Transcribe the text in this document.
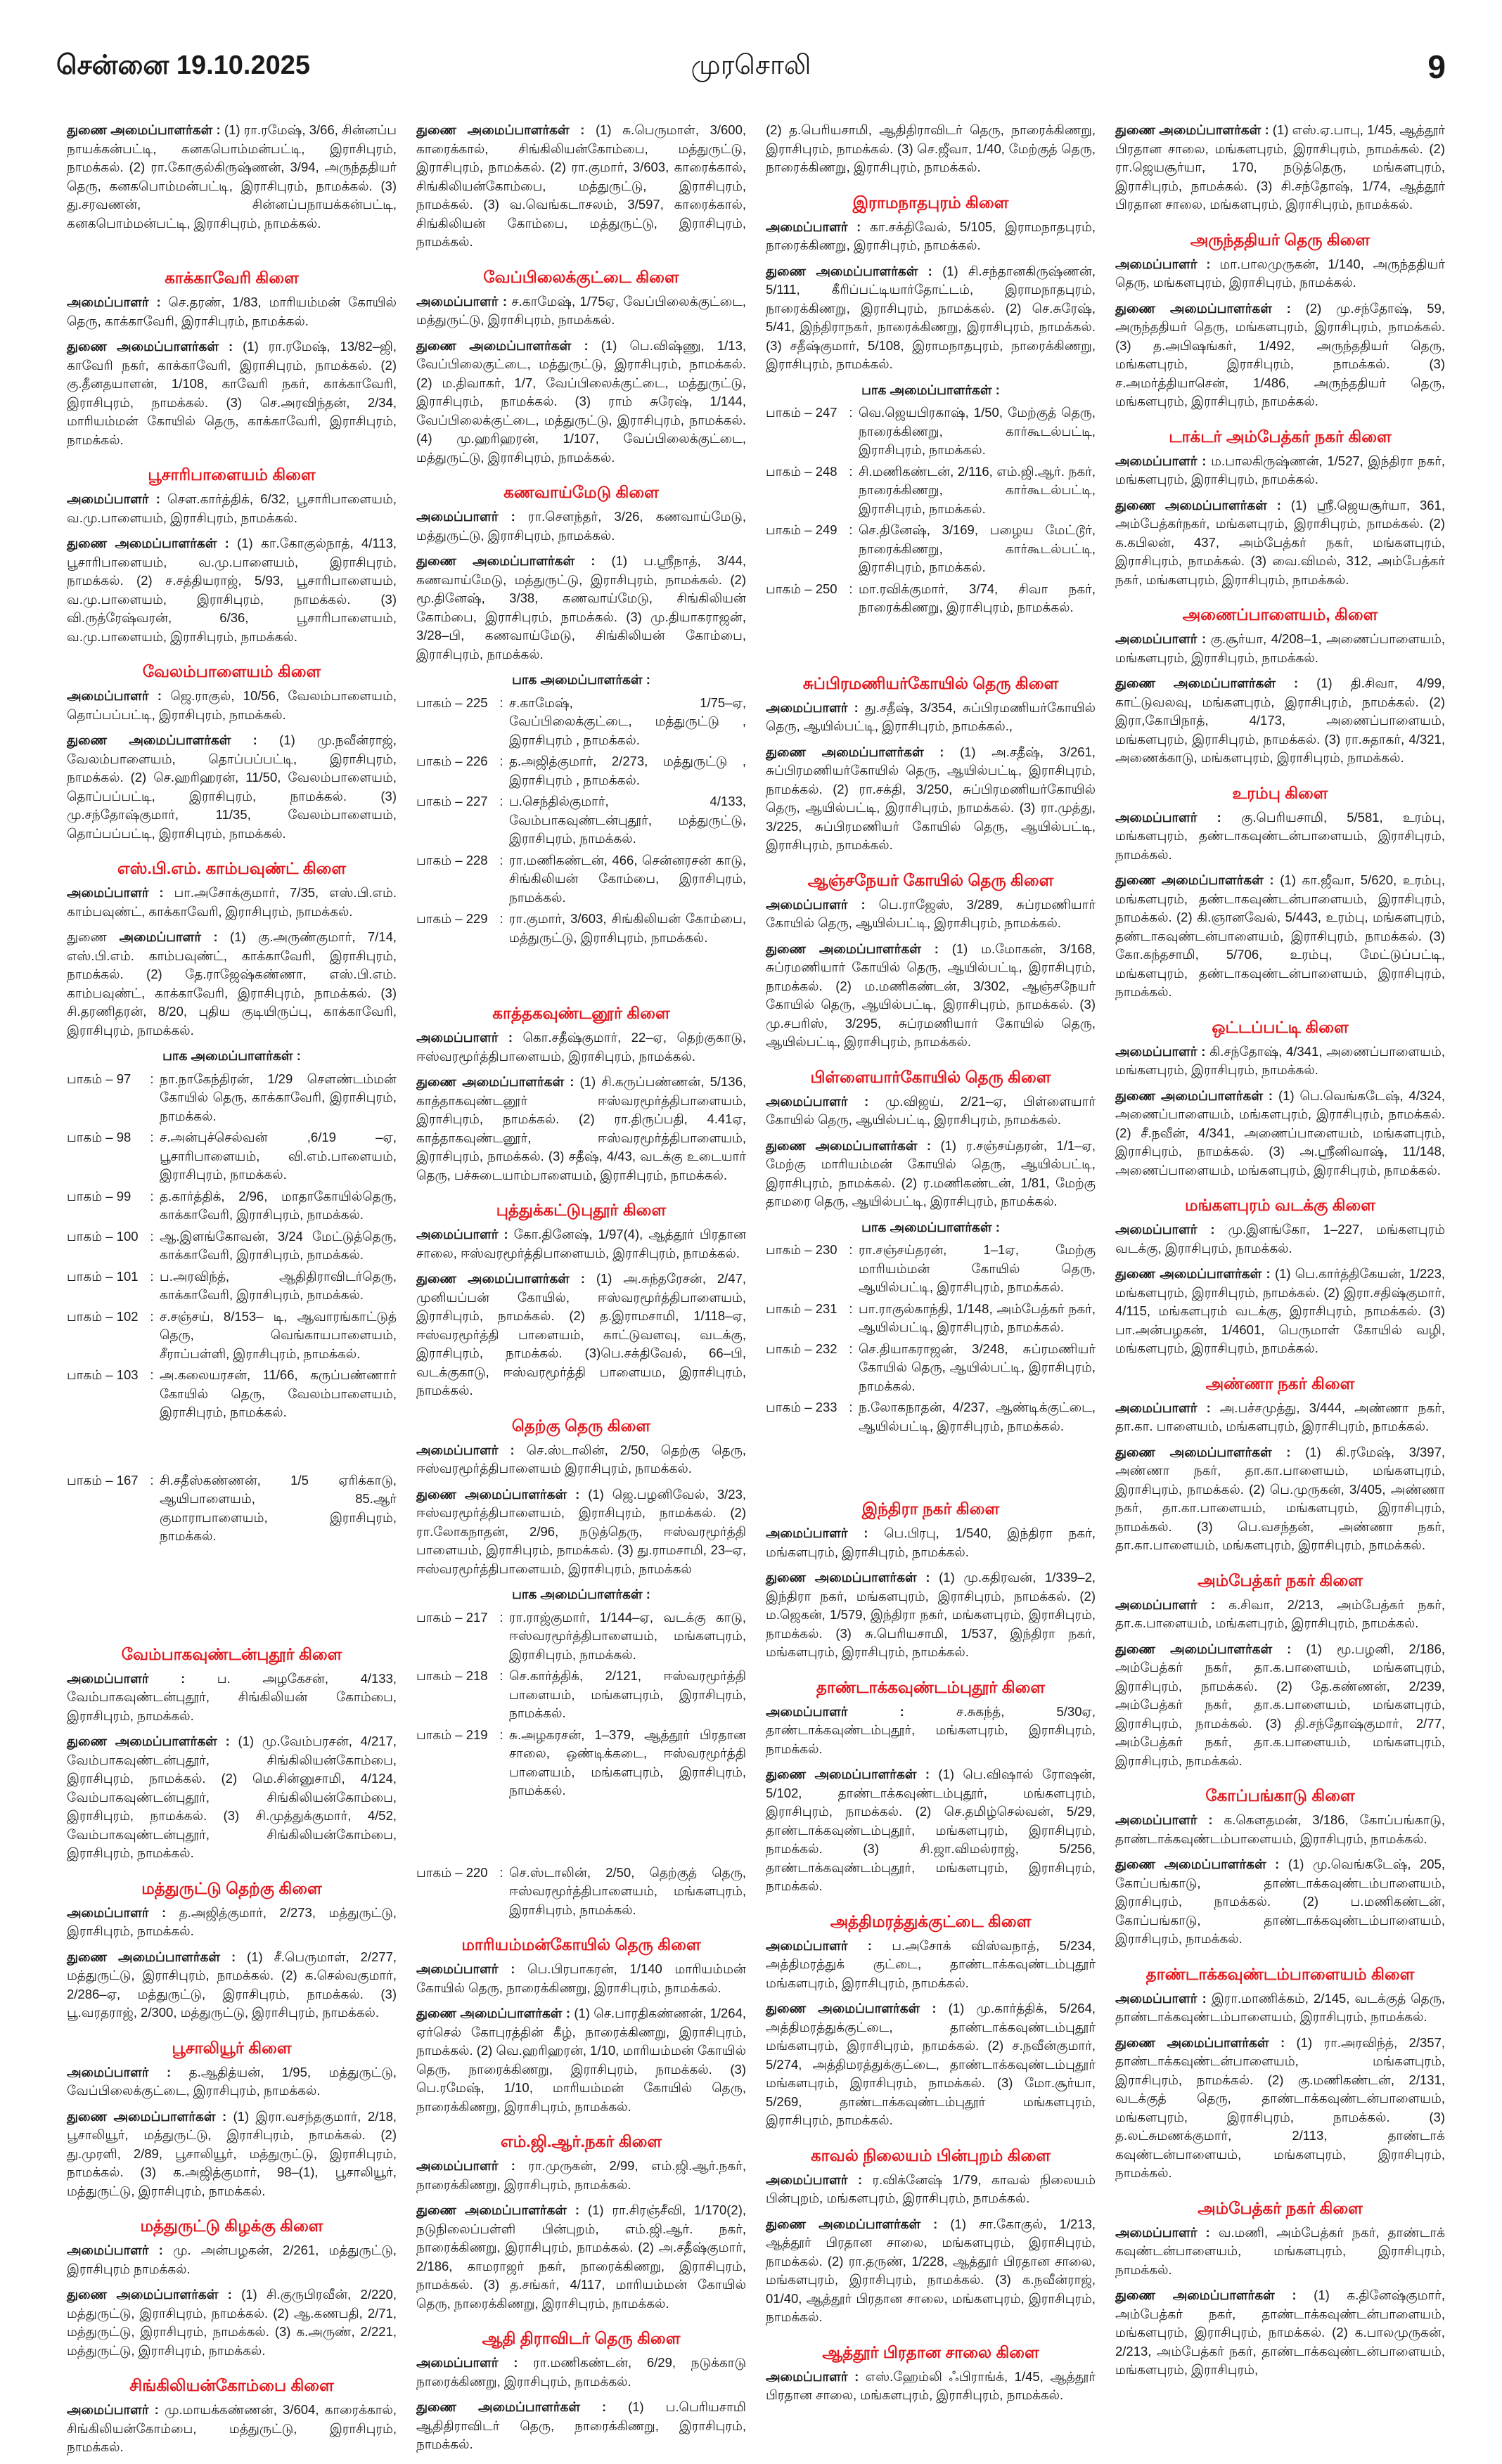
சென்னை 19.10.2025	முரசொலி	9
துணை அமைப்பாளர்கள் : (1) ரா.ரமேஷ், 3/66, சின்னப்ப நாயக்கன்பட்டி, கனகபொம்மன்பட்டி, இராசிபுரம், நாமக்கல். (2) ரா.கோகுல்கிருஷ்ணன், 3/94, அருந்ததியர் தெரு, கனகபொம்மன்பட்டி, இராசிபுரம், நாமக்கல். (3) து.சரவணன், சின்னப்பநாயக்கன்பட்டி, கனகபொம்மன்பட்டி, இராசிபுரம், நாமக்கல்.
காக்காவேரி கிளை
அமைப்பாளர் : செ.தரண், 1/83, மாரியம்மன் கோயில் தெரு, காக்காவேரி, இராசிபுரம், நாமக்கல்.
துணை அமைப்பாளர்கள் : (1) ரா.ரமேஷ், 13/82–ஜி, காவேரி நகர், காக்காவேரி, இராசிபுரம், நாமக்கல். (2) கு.தீனதயாளன், 1/108, காவேரி நகர், காக்காவேரி, இராசிபுரம், நாமக்கல். (3) செ.அரவிந்தன், 2/34, மாரியம்மன் கோயில் தெரு, காக்காவேரி, இராசிபுரம், நாமக்கல்.
பூசாரிபாளையம் கிளை
அமைப்பாளர் : சௌ.கார்த்திக், 6/32, பூசாரிபாளையம், வ.மு.பாளையம், இராசிபுரம், நாமக்கல்.
துணை அமைப்பாளர்கள் : (1) கா.கோகுல்நாத், 4/113, பூசாரிபாளையம், வ.மு.பாளையம், இராசிபுரம், நாமக்கல். (2) ச.சத்தியராஜ், 5/93, பூசாரிபாளையம், வ.மு.பாளையம், இராசிபுரம், நாமக்கல். (3) வி.ருத்ரேஷ்வரன், 6/36, பூசாரிபாளையம், வ.மு.பாளையம், இராசிபுரம், நாமக்கல்.
வேலம்பாளையம் கிளை
அமைப்பாளர் : ஜெ.ராகுல், 10/56, வேலம்பாளையம், தொப்பப்பட்டி, இராசிபுரம், நாமக்கல்.
துணை அமைப்பாளர்கள் : (1) மு.நவீன்ராஜ், வேலம்பாளையம், தொப்பப்பட்டி, இராசிபுரம், நாமக்கல். (2) செ.ஹரிஹரன், 11/50, வேலம்பாளையம், தொப்பப்பட்டி, இராசிபுரம், நாமக்கல். (3) மு.சந்தோஷ்குமார், 11/35, வேலம்பாளையம், தொப்பப்பட்டி, இராசிபுரம், நாமக்கல்.
எஸ்.பி.எம். காம்பவுண்ட் கிளை
அமைப்பாளர் : பா.அசோக்குமார், 7/35, எஸ்.பி.எம். காம்பவுண்ட், காக்காவேரி, இராசிபுரம், நாமக்கல்.
துணை அமைப்பாளர் : (1) கு.அருண்குமார், 7/14, எஸ்.பி.எம். காம்பவுண்ட், காக்காவேரி, இராசிபுரம், நாமக்கல். (2) தே.ராஜேஷ்கண்ணா, எஸ்.பி.எம். காம்பவுண்ட், காக்காவேரி, இராசிபுரம், நாமக்கல். (3) சி.தரணிதரன், 8/20, புதிய குடியிருப்பு, காக்காவேரி, இராசிபுரம், நாமக்கல்.
பாக அமைப்பாளர்கள் :
பாகம் – 97	: நா.நாகேந்திரன், 1/29 சௌண்டம்மன் கோயில் தெரு, காக்காவேரி, இராசிபுரம், நாமக்கல்.
பாகம் – 98	: ச.அன்புச்செல்வன் ,6/19 –ஏ, பூசாரிபாளையம், வி.எம்.பாளையம், இராசிபுரம், நாமக்கல்.
பாகம் – 99	: த.கார்த்திக், 2/96, மாதாகோயில்தெரு, காக்காவேரி, இராசிபுரம், நாமக்கல்.
பாகம் – 100 : ஆ.இளங்கோவன், 3/24 மேட்டுத்தெரு, காக்காவேரி, இராசிபுரம், நாமக்கல்.
பாகம் – 101 : ப.அரவிந்த், ஆதிதிராவிடர்தெரு, காக்காவேரி, இராசிபுரம், நாமக்கல்.
பாகம் – 102 : ச.சஞ்சய், 8/153– டி, ஆவாரங்காட்டுத் தெரு, வெங்காயபாளையம், சீராப்பள்ளி, இராசிபுரம், நாமக்கல்.
பாகம் – 103 : அ.கலையரசன், 11/66, கருப்பண்ணார் கோயில் தெரு, வேலம்பாளையம், இராசிபுரம், நாமக்கல்.
பாகம் – 167 : சி.சதீஸ்கண்ணன், 1/5 ஏரிக்காடு, ஆயிபாளையம், 85.ஆர் குமாராபாளையம், இராசிபுரம், நாமக்கல்.
வேம்பாகவுண்டன்புதூர் கிளை
அமைப்பாளர் : ப. அழகேசன், 4/133, வேம்பாகவுண்டன்புதூர், சிங்கிலியன் கோம்பை, இராசிபுரம், நாமக்கல்.
துணை அமைப்பாளர்கள் : (1) மு.வேம்பரசன், 4/217, வேம்பாகவுண்டன்புதூர், சிங்கிலியன்கோம்பை, இராசிபுரம், நாமக்கல். (2) மெ.சின்னுசாமி, 4/124, வேம்பாகவுண்டன்புதூர், சிங்கிலியன்கோம்பை, இராசிபுரம், நாமக்கல். (3) சி.முத்துக்குமார், 4/52, வேம்பாகவுண்டன்புதூர், சிங்கிலியன்கோம்பை, இராசிபுரம், நாமக்கல்.
மத்துருட்டு தெற்கு கிளை
அமைப்பாளர் : த.அஜித்குமார், 2/273, மத்துருட்டு, இராசிபுரம், நாமக்கல்.
துணை அமைப்பாளர்கள் : (1) சீ.பெருமாள், 2/277, மத்துருட்டு, இராசிபுரம், நாமக்கல். (2) க.செல்வகுமார், 2/286–ஏ, மத்துருட்டு, இராசிபுரம், நாமக்கல். (3) பூ.வரதராஜ், 2/300, மத்துருட்டு, இராசிபுரம், நாமக்கல்.
பூசாலியூர் கிளை
அமைப்பாளர் : த.ஆதித்யன், 1/95, மத்துருட்டு, வேப்பிலைக்குட்டை, இராசிபுரம், நாமக்கல்.
துணை அமைப்பாளர்கள் : (1) இரா.வசந்தகுமார், 2/18, பூசாலியூர், மத்துருட்டு, இராசிபுரம், நாமக்கல். (2) து.முரளி, 2/89, பூசாலியூர், மத்துருட்டு, இராசிபுரம், நாமக்கல். (3) க.அஜித்குமார், 98–(1), பூசாலியூர், மத்துருட்டு, இராசிபுரம், நாமக்கல்.
மத்துருட்டு கிழக்கு கிளை
அமைப்பாளர் : மு. அன்பழகன், 2/261, மத்துருட்டு, இராசிபுரம் நாமக்கல்.
துணை அமைப்பாளர்கள் : (1) சி.குருபிரவீன், 2/220, மத்துருட்டு, இராசிபுரம், நாமக்கல். (2) ஆ.கணபதி, 2/71, மத்துருட்டு, இராசிபுரம், நாமக்கல். (3) க.அருண், 2/221, மத்துருட்டு, இராசிபுரம், நாமக்கல்.
சிங்கிலியன்கோம்பை கிளை
அமைப்பாளர் : மு.மாயக்கண்ணன், 3/604, காரைக்கால், சிங்கிலியன்கோம்பை, மத்துருட்டு, இராசிபுரம், நாமக்கல்.
துணை அமைப்பாளர்கள் : (1) சு.பெருமாள், 3/600, காரைக்கால், சிங்கிலியன்கோம்பை, மத்துருட்டு, இராசிபுரம், நாமக்கல். (2) ரா.குமார், 3/603, காரைக்கால், சிங்கிலியன்கோம்பை, மத்துருட்டு, இராசிபுரம், நாமக்கல். (3) வ.வெங்கடாசலம், 3/597, காரைக்கால், சிங்கிலியன் கோம்பை, மத்துருட்டு, இராசிபுரம், நாமக்கல்.
வேப்பிலைக்குட்டை கிளை
அமைப்பாளர் : ச.காமேஷ், 1/75ஏ, வேப்பிலைக்குட்டை, மத்துருட்டு, இராசிபுரம், நாமக்கல்.
துணை அமைப்பாளர்கள் : (1) பெ.விஷ்ணு, 1/13, வேப்பிலைகுட்டை, மத்துருட்டு, இராசிபுரம், நாமக்கல். (2) ம.திவாகர், 1/7, வேப்பிலைக்குட்டை, மத்துருட்டு, இராசிபுரம், நாமக்கல். (3) ராம் சுரேஷ், 1/144, வேப்பிலைக்குட்டை, மத்துருட்டு, இராசிபுரம், நாமக்கல். (4) மு.ஹரிஹரன், 1/107, வேப்பிலைக்குட்டை, மத்துருட்டு, இராசிபுரம், நாமக்கல்.
கணவாய்மேடு கிளை
அமைப்பாளர் : ரா.சௌந்தர், 3/26, கணவாய்மேடு, மத்துருட்டு, இராசிபுரம், நாமக்கல்.
துணை அமைப்பாளர்கள் : (1) ப.ஸ்ரீநாத், 3/44, கணவாய்மேடு, மத்துருட்டு, இராசிபுரம், நாமக்கல். (2) மூ.தினேஷ், 3/38, கணவாய்மேடு, சிங்கிலியன் கோம்பை, இராசிபுரம், நாமக்கல். (3) மு.தியாகராஜன், 3/28–பி, கணவாய்மேடு, சிங்கிலியன் கோம்பை, இராசிபுரம், நாமக்கல்.
பாக அமைப்பாளர்கள் :
பாகம் – 225 : ச.காமேஷ், 1/75–ஏ, வேப்பிலைக்குட்டை, மத்துருட்டு , இராசிபுரம் , நாமக்கல்.
பாகம் – 226 : த.அஜித்குமார், 2/273, மத்துருட்டு , இராசிபுரம் , நாமக்கல்.
பாகம் – 227 : ப.செந்தில்குமார், 4/133, வேம்பாகவுண்டன்புதூர், மத்துருட்டு, இராசிபுரம், நாமக்கல்.
பாகம் – 228 : ரா.மணிகண்டன், 466, சென்னரசன் காடு, சிங்கிலியன் கோம்பை, இராசிபுரம், நாமக்கல்.
பாகம் – 229 : ரா.குமார், 3/603, சிங்கிலியன் கோம்பை, மத்துருட்டு, இராசிபுரம், நாமக்கல்.
காத்தகவுண்டனூர் கிளை
அமைப்பாளர் : கொ.சதீஷ்குமார், 22–ஏ, தெற்குகாடு, ஈஸ்வரமூர்த்திபாளையம், இராசிபுரம், நாமக்கல்.
துணை அமைப்பாளர்கள் : (1) சி.கருப்பண்ணன், 5/136, காத்தாகவுண்டனூர் ஈஸ்வரமூர்த்திபாளையம், இராசிபுரம், நாமக்கல். (2) ரா.திருப்பதி, 4.41ஏ, காத்தாகவுண்டனூர், ஈஸ்வரமூர்த்திபாளையம், இராசிபுரம், நாமக்கல். (3) சதீஷ், 4/43, வடக்கு உடையார் தெரு, பச்சுடையாம்பாளையம், இராசிபுரம், நாமக்கல்.
புத்துக்கட்டுபுதூர் கிளை
அமைப்பாளர் : கோ.தினேஷ், 1/97(4), ஆத்தூர் பிரதான சாலை, ஈஸ்வரமூர்த்திபாளையம், இராசிபுரம், நாமக்கல்.
துணை அமைப்பாளர்கள் : (1) அ.சுந்தரேசன், 2/47, முனியப்பன் கோயில், ஈஸ்வரமூர்த்திபாளையம், இராசிபுரம், நாமக்கல். (2) த.இராமசாமி, 1/118–ஏ, ஈஸ்வரமூர்த்தி பாளையம், காட்டுவளவு, வடக்கு, இராசிபுரம், நாமக்கல். (3)பெ.சக்திவேல், 66–பி, வடக்குகாடு, ஈஸ்வரமூர்த்தி பாளையம, இராசிபுரம், நாமக்கல்.
தெற்கு தெரு கிளை
அமைப்பாளர் : செ.ஸ்டாலின், 2/50, தெற்கு தெரு, ஈஸ்வரமூர்த்திபாளையம் இராசிபுரம், நாமக்கல்.
துணை அமைப்பாளர்கள் : (1) ஜெ.பழனிவேல், 3/23, ஈஸ்வரமூர்த்திபாளையம், இராசிபுரம், நாமக்கல். (2) ரா.லோகநாதன், 2/96, நடுத்தெரு, ஈஸ்வரமூர்த்தி பாளையம், இராசிபுரம், நாமக்கல். (3) து.ராமசாமி, 23–ஏ, ஈஸ்வரமூர்த்திபாளையம், இராசிபுரம், நாமக்கல்
பாக அமைப்பாளர்கள் :
பாகம் – 217 : ரா.ராஜ்குமார், 1/144–ஏ, வடக்கு காடு, ஈஸ்வரமூர்த்திபாளையம், மங்களபுரம், இராசிபுரம், நாமக்கல்.
பாகம் – 218 : செ.கார்த்திக், 2/121, ஈஸ்வரமூர்த்தி பாளையம், மங்களபுரம், இராசிபுரம், நாமக்கல்.
பாகம் – 219 : சு.அழகரசன், 1–379, ஆத்தூர் பிரதான சாலை, ஒண்டிக்கடை, ஈஸ்வரமூர்த்தி பாளையம், மங்களபுரம், இராசிபுரம், நாமக்கல்.
பாகம் – 220 : செ.ஸ்டாலின், 2/50, தெற்குத் தெரு, ஈஸ்வரமூர்த்திபாளையம், மங்களபுரம், இராசிபுரம், நாமக்கல்.
மாரியம்மன்கோயில் தெரு கிளை
அமைப்பாளர் : பெ.பிரபாகரன், 1/140 மாரியம்மன் கோயில் தெரு, நாரைக்கிணறு, இராசிபுரம், நாமக்கல்.
துணை அமைப்பாளர்கள் : (1) செ.பாரதிகண்ணன், 1/264, ஏர்செல் கோபுரத்தின் கீழ், நாரைக்கிணறு, இராசிபுரம், நாமக்கல். (2) வெ.ஹரிஹரன், 1/10, மாரியம்மன் கோயில் தெரு, நாரைக்கிணறு, இராசிபுரம், நாமக்கல். (3) பெ.ரமேஷ், 1/10, மாரியம்மன் கோயில் தெரு, நாரைக்கிணறு, இராசிபுரம், நாமக்கல்.
எம்.ஜி.ஆர்.நகர் கிளை
அமைப்பாளர் : ரா.முருகன், 2/99, எம்.ஜி.ஆர்.நகர், நாரைக்கிணறு, இராசிபுரம், நாமக்கல்.
துணை அமைப்பாளர்கள் : (1) ரா.சிரஞ்சீவி, 1/170(2), நடுநிலைப்பள்ளி பின்புறம், எம்.ஜி.ஆர். நகர், நாரைக்கிணறு, இராசிபுரம், நாமக்கல். (2) அ.சதீஷ்குமார், 2/186, காமராஜர் நகர், நாரைக்கிணறு, இராசிபுரம், நாமக்கல். (3) த.சங்கர், 4/117, மாரியம்மன் கோயில் தெரு, நாரைக்கிணறு, இராசிபுரம், நாமக்கல்.
ஆதி திராவிடர் தெரு கிளை
அமைப்பாளர் : ரா.மணிகண்டன், 6/29, நடுக்காடு நாரைக்கிணறு, இராசிபுரம், நாமக்கல்.
துணை அமைப்பாளர்கள் : (1) ப.பெரியசாமி ஆதிதிராவிடர் தெரு, நாரைக்கிணறு, இராசிபுரம், நாமக்கல்.
(2) த.பெரியசாமி, ஆதிதிராவிடர் தெரு, நாரைக்கிணறு, இராசிபுரம், நாமக்கல். (3) செ.ஜீவா, 1/40, மேற்குத் தெரு, நாரைக்கிணறு, இராசிபுரம், நாமக்கல்.
இராமநாதபுரம் கிளை
அமைப்பாளர் : கா.சக்திவேல், 5/105, இராமநாதபுரம், நாரைக்கிணறு, இராசிபுரம், நாமக்கல்.
துணை அமைப்பாளர்கள் : (1) சி.சந்தானகிருஷ்ணன், 5/111, கீரிப்பட்டியார்தோட்டம், இராமநாதபுரம், நாரைக்கிணறு, இராசிபுரம், நாமக்கல். (2) செ.சுரேஷ், 5/41, இந்திராநகர், நாரைக்கிணறு, இராசிபுரம், நாமக்கல். (3) சதீஷ்குமார், 5/108, இராமநாதபுரம், நாரைக்கிணறு, இராசிபுரம், நாமக்கல்.
பாக அமைப்பாளர்கள் :
பாகம் – 247 : வெ.ஜெயபிரகாஷ், 1/50, மேற்குத் தெரு, நாரைக்கிணறு, கார்கூடல்பட்டி, இராசிபுரம், நாமக்கல்.
பாகம் – 248 : சி.மணிகண்டன், 2/116, எம்.ஜி.ஆர். நகர், நாரைக்கிணறு, கார்கூடல்பட்டி, இராசிபுரம், நாமக்கல்.
பாகம் – 249 : செ.தினேஷ், 3/169, பழைய மேட்டூர், நாரைக்கிணறு, கார்கூடல்பட்டி, இராசிபுரம், நாமக்கல்.
பாகம் – 250 : மா.ரவிக்குமார், 3/74, சிவா நகர், நாரைக்கிணறு, இராசிபுரம், நாமக்கல்.
சுப்பிரமணியர்கோயில் தெரு கிளை
அமைப்பாளர் : து.சதீஷ், 3/354, சுப்பிரமணியர்கோயில் தெரு, ஆயில்பட்டி, இராசிபுரம், நாமக்கல்.,
துணை அமைப்பாளர்கள் : (1) அ.சதீஷ், 3/261, சுப்பிரமணியர்கோயில் தெரு, ஆயில்பட்டி, இராசிபுரம், நாமக்கல். (2) ரா.சக்தி, 3/250, சுப்பிரமணியர்கோயில் தெரு, ஆயில்பட்டி, இராசிபுரம், நாமக்கல். (3) ரா.முத்து, 3/225, சுப்பிரமணியர் கோயில் தெரு, ஆயில்பட்டி, இராசிபுரம், நாமக்கல்.
ஆஞ்சநேயர் கோயில் தெரு கிளை
அமைப்பாளர் : பெ.ராஜேஸ், 3/289, சுப்ரமணியார் கோயில் தெரு, ஆயில்பட்டி, இராசிபுரம், நாமக்கல்.
துணை அமைப்பாளர்கள் : (1) ம.மோகன், 3/168, சுப்ரமணியார் கோயில் தெரு, ஆயில்பட்டி, இராசிபுரம், நாமக்கல். (2) ம.மணிகண்டன், 3/302, ஆஞ்சநேயர் கோயில் தெரு, ஆயில்பட்டி, இராசிபுரம், நாமக்கல். (3) மு.சபரிஸ், 3/295, சுப்ரமணியார் கோயில் தெரு, ஆயில்பட்டி, இராசிபுரம், நாமக்கல்.
பிள்ளையார்கோயில் தெரு கிளை
அமைப்பாளர் : மு.விஜய், 2/21–ஏ, பிள்ளையார் கோயில் தெரு, ஆயில்பட்டி, இராசிபுரம், நாமக்கல்.
துணை அமைப்பாளர்கள் : (1) ர.சஞ்சய்தரன், 1/1–ஏ, மேற்கு மாரியம்மன் கோயில் தெரு, ஆயில்பட்டி, இராசிபுரம், நாமக்கல். (2) ர.மணிகண்டன், 1/81, மேற்கு தாமரை தெரு, ஆயில்பட்டி, இராசிபுரம், நாமக்கல்.
பாக அமைப்பாளர்கள் :
பாகம் – 230 : ரா.சஞ்சய்தரன், 1–1ஏ, மேற்கு மாரியம்மன் கோயில் தெரு, ஆயில்பட்டி, இராசிபுரம், நாமக்கல்.
பாகம் – 231 : பா.ராகுல்காந்தி, 1/148, அம்பேத்கர் நகர், ஆயில்பட்டி, இராசிபுரம், நாமக்கல்.
பாகம் – 232 : செ.தியாகராஜன், 3/248, சுப்ரமணியர் கோயில் தெரு, ஆயில்பட்டி, இராசிபுரம், நாமக்கல்.
பாகம் – 233 : ந.லோகநாதன், 4/237, ஆண்டிக்குட்டை, ஆயில்பட்டி, இராசிபுரம், நாமக்கல்.
இந்திரா நகர் கிளை
அமைப்பாளர் : பெ.பிரபு, 1/540, இந்திரா நகர், மங்களபுரம், இராசிபுரம், நாமக்கல்.
துணை அமைப்பாளர்கள் : (1) மு.கதிரவன், 1/339–2, இந்திரா நகர், மங்களபுரம், இராசிபுரம், நாமக்கல். (2) ம.ஜெகன், 1/579, இந்திரா நகர், மங்களபுரம், இராசிபுரம், நாமக்கல். (3) சு.பெரியசாமி, 1/537, இந்திரா நகர், மங்களபுரம், இராசிபுரம், நாமக்கல்.
தாண்டாக்கவுண்டம்புதூர் கிளை
அமைப்பாளர் :	ச.சுகந்த், 5/30ஏ, தாண்டாக்கவுண்டம்புதூர், மங்களபுரம், இராசிபுரம், நாமக்கல்.
துணை அமைப்பாளர்கள் : (1) பெ.விஷால் ரோஷன், 5/102, தாண்டாக்கவுண்டம்புதூர், மங்களபுரம், இராசிபுரம், நாமக்கல். (2) செ.தமிழ்செல்வன், 5/29, தாண்டாக்கவுண்டம்புதூர், மங்களபுரம், இராசிபுரம், நாமக்கல். (3) சி.ஜா.விமல்ராஜ், 5/256, தாண்டாக்கவுண்டம்புதூர், மங்களபுரம், இராசிபுரம், நாமக்கல்.
அத்திமரத்துக்குட்டை கிளை
அமைப்பாளர் : ப.அசோக் விஸ்வநாத், 5/234, அத்திமரத்துக் குட்டை, தாண்டாக்கவுண்டம்புதூர் மங்களபுரம், இராசிபுரம், நாமக்கல்.
துணை அமைப்பாளர்கள் : (1) மு.கார்த்திக், 5/264, அத்திமரத்துக்குட்டை, தாண்டாக்கவுண்டம்புதூர் மங்களபுரம், இராசிபுரம், நாமக்கல். (2) ச.நவீன்குமார், 5/274, அத்திமரத்துக்குட்டை, தாண்டாக்கவுண்டம்புதூர் மங்களபுரம், இராசிபுரம், நாமக்கல். (3) மோ.சூர்யா, 5/269, தாண்டாக்கவுண்டம்புதூர் மங்களபுரம், இராசிபுரம், நாமக்கல்.
காவல் நிலையம் பின்புறம் கிளை
அமைப்பாளர் : ர.விக்னேஷ் 1/79, காவல் நிலையம் பின்புறம், மங்களபுரம், இராசிபுரம், நாமக்கல்.
துணை அமைப்பாளர்கள் : (1) சா.கோகுல், 1/213, ஆத்தூர் பிரதான சாலை, மங்களபுரம், இராசிபுரம், நாமக்கல். (2) ரா.தருண், 1/228, ஆத்தூர் பிரதான சாலை, மங்களபுரம், இராசிபுரம், நாமக்கல். (3) க.நவீன்ராஜ், 01/40, ஆத்தூர் பிரதான சாலை, மங்களபுரம், இராசிபுரம், நாமக்கல்.
ஆத்தூர் பிரதான சாலை கிளை
அமைப்பாளர் : எஸ்.ஹேம்லி ஃபிராங்க், 1/45, ஆத்தூர் பிரதான சாலை, மங்களபுரம், இராசிபுரம், நாமக்கல்.
துணை அமைப்பாளர்கள் : (1) எஸ்.ஏ.பாபு, 1/45, ஆத்தூர் பிரதான சாலை, மங்களபுரம், இராசிபுரம், நாமக்கல். (2) ரா.ஜெயசூர்யா, 170, நடுத்தெரு, மங்களபுரம், இராசிபுரம், நாமக்கல். (3) சி.சந்தோஷ், 1/74, ஆத்தூர் பிரதான சாலை, மங்களபுரம், இராசிபுரம், நாமக்கல்.
அருந்ததியர் தெரு கிளை
அமைப்பாளர் : மா.பாலமுருகன், 1/140, அருந்ததியர் தெரு, மங்களபுரம், இராசிபுரம், நாமக்கல்.
துணை அமைப்பாளர்கள் : (2) மு.சந்தோஷ், 59, அருந்ததியர் தெரு, மங்களபுரம், இராசிபுரம், நாமக்கல். (3) த.அபிஷங்கர், 1/492, அருந்ததியர் தெரு, மங்களபுரம், இராசிபுரம், நாமக்கல். (3) ச.அமர்த்தியாசென், 1/486, அருந்ததியர் தெரு, மங்களபுரம், இராசிபுரம், நாமக்கல்.
டாக்டர் அம்பேத்கர் நகர் கிளை
அமைப்பாளர் : ம.பாலகிருஷ்ணன், 1/527, இந்திரா நகர், மங்களபுரம், இராசிபுரம், நாமக்கல்.
துணை அமைப்பாளர்கள் : (1) ஸ்ரீ.ஜெயசூர்யா, 361, அம்பேத்கர்நகர், மங்களபுரம், இராசிபுரம், நாமக்கல். (2) க.கபிலன், 437, அம்பேத்கர் நகர், மங்களபுரம், இராசிபுரம், நாமக்கல். (3) வை.விமல், 312, அம்பேத்கர் நகர், மங்களபுரம், இராசிபுரம், நாமக்கல்.
அணைப்பாளையம், கிளை
அமைப்பாளர் : கு.சூர்யா, 4/208–1, அணைப்பாளையம், மங்களபுரம், இராசிபுரம், நாமக்கல்.
துணை அமைப்பாளர்கள் : (1) தி.சிவா, 4/99, காட்டுவலவு, மங்களபுரம், இராசிபுரம், நாமக்கல். (2) இரா,கோபிநாத், 4/173, அணைப்பாளையம், மங்களபுரம், இராசிபுரம், நாமக்கல். (3) ரா.சுதாகர், 4/321, அணைக்காடு, மங்களபுரம், இராசிபுரம், நாமக்கல்.
உரம்பு கிளை
அமைப்பாளர் : கு.பெரியசாமி, 5/581, உரம்பு, மங்களபுரம், தண்டாகவுண்டன்பாளையம், இராசிபுரம், நாமக்கல்.
துணை அமைப்பாளர்கள் : (1) கா.ஜீவா, 5/620, உரம்பு, மங்களபுரம், தண்டாகவுண்டன்பாளையம், இராசிபுரம், நாமக்கல். (2) கி.ஞானவேல், 5/443, உரம்பு, மங்களபுரம், தண்டாகவுண்டன்பாளையம், இராசிபுரம், நாமக்கல். (3) கோ.கந்தசாமி, 5/706, உரம்பு, மேட்டுப்பட்டி, மங்களபுரம், தண்டாகவுண்டன்பாளையம், இராசிபுரம், நாமக்கல்.
ஒட்டப்பட்டி கிளை
அமைப்பாளர் : கி.சந்தோஷ், 4/341, அணைப்பாளையம், மங்களபுரம், இராசிபுரம், நாமக்கல்.
துணை அமைப்பாளர்கள் : (1) பெ.வெங்கடேஷ், 4/324, அணைப்பாளையம், மங்களபுரம், இராசிபுரம், நாமக்கல். (2) சீ.நவீன், 4/341, அணைப்பாளையம், மங்களபுரம், இராசிபுரம், நாமக்கல். (3) அ.ஸ்ரீனிவாஷ், 11/148, அணைப்பாளையம், மங்களபுரம், இராசிபுரம், நாமக்கல்.
மங்களபுரம் வடக்கு கிளை
அமைப்பாளர் : மு.இளங்கோ, 1–227, மங்களபுரம் வடக்கு, இராசிபுரம், நாமக்கல்.
துணை அமைப்பாளர்கள் : (1) பெ.கார்த்திகேயன், 1/223, மங்களபுரம், இராசிபுரம், நாமக்கல். (2) இரா.சதிஷ்குமார், 4/115, மங்களபுரம் வடக்கு, இராசிபுரம், நாமக்கல். (3) பா.அன்பழகன், 1/4601, பெருமாள் கோயில் வழி, மங்களபுரம், இராசிபுரம், நாமக்கல்.
அண்ணா நகர் கிளை
அமைப்பாளர் : அ.பச்சமுத்து, 3/444, அண்ணா நகர், தா.கா. பாளையம், மங்களபுரம், இராசிபுரம், நாமக்கல்.
துணை அமைப்பாளர்கள் : (1) கி.ரமேஷ், 3/397, அண்ணா நகர், தா.கா.பாளையம், மங்களபுரம், இராசிபுரம், நாமக்கல். (2) பெ.முருகன், 3/405, அண்ணா நகர், தா.கா.பாளையம், மங்களபுரம், இராசிபுரம், நாமக்கல். (3) பெ.வசந்தன், அண்ணா நகர், தா.கா.பாளையம், மங்களபுரம், இராசிபுரம், நாமக்கல்.
அம்பேத்கர் நகர் கிளை
அமைப்பாளர் : க.சிவா, 2/213, அம்பேத்கர் நகர், தா.க.பாளையம், மங்களபுரம், இராசிபுரம், நாமக்கல்.
துணை அமைப்பாளர்கள் : (1) மூ.பழனி, 2/186, அம்பேத்கர் நகர், தா.க.பாளையம், மங்களபுரம், இராசிபுரம், நாமக்கல். (2) தே.கண்ணன், 2/239, அம்பேத்கர் நகர், தா.க.பாளையம், மங்களபுரம், இராசிபுரம், நாமக்கல். (3) தி.சந்தோஷ்குமார், 2/77, அம்பேத்கர் நகர், தா.க.பாளையம், மங்களபுரம், இராசிபுரம், நாமக்கல்.
கோப்பங்காடு கிளை
அமைப்பாளர் : க.கௌதமன், 3/186, கோப்பங்காடு, தாண்டாக்கவுண்டம்பாளையம், இராசிபுரம், நாமக்கல்.
துணை அமைப்பாளர்கள் : (1) மு.வெங்கடேஷ், 205, கோப்பங்காடு, தாண்டாக்கவுண்டம்பாளையம், இராசிபுரம், நாமக்கல். (2) ப.மணிகண்டன், கோப்பங்காடு, தாண்டாக்கவுண்டம்பாளையம், இராசிபுரம், நாமக்கல்.
தாண்டாக்கவுண்டம்பாளையம் கிளை
அமைப்பாளர் : இரா.மாணிக்கம், 2/145, வடக்குத் தெரு, தாண்டாக்கவுண்டம்பாளையம், இராசிபுரம், நாமக்கல்.
துணை அமைப்பாளர்கள் : (1) ரா.அரவிந்த், 2/357, தாண்டாக்கவுண்டன்பாளையம், மங்களபுரம், இராசிபுரம், நாமக்கல். (2) கு.மணிகண்டன், 2/131, வடக்குத் தெரு, தாண்டாக்கவுண்டன்பாளையம், மங்களபுரம், இராசிபுரம், நாமக்கல். (3) த.லட்சுமணக்குமார், 2/113, தாண்டாக் கவுண்டன்பாளையம், மங்களபுரம், இராசிபுரம், நாமக்கல்.
அம்பேத்கர் நகர் கிளை
அமைப்பாளர் : வ.மணி, அம்பேத்கர் நகர், தாண்டாக் கவுண்டன்பாளையம், மங்களபுரம், இராசிபுரம், நாமக்கல்.
துணை அமைப்பாளர்கள் : (1) க.தினேஷ்குமார், அம்பேத்கர் நகர், தாண்டாக்கவுண்டன்பாளையம், மங்களபுரம், இராசிபுரம், நாமக்கல். (2) க.பாலமுருகன், 2/213, அம்பேத்கர் நகர், தாண்டாக்கவுண்டன்பாளையம், மங்களபுரம், இராசிபுரம்,
